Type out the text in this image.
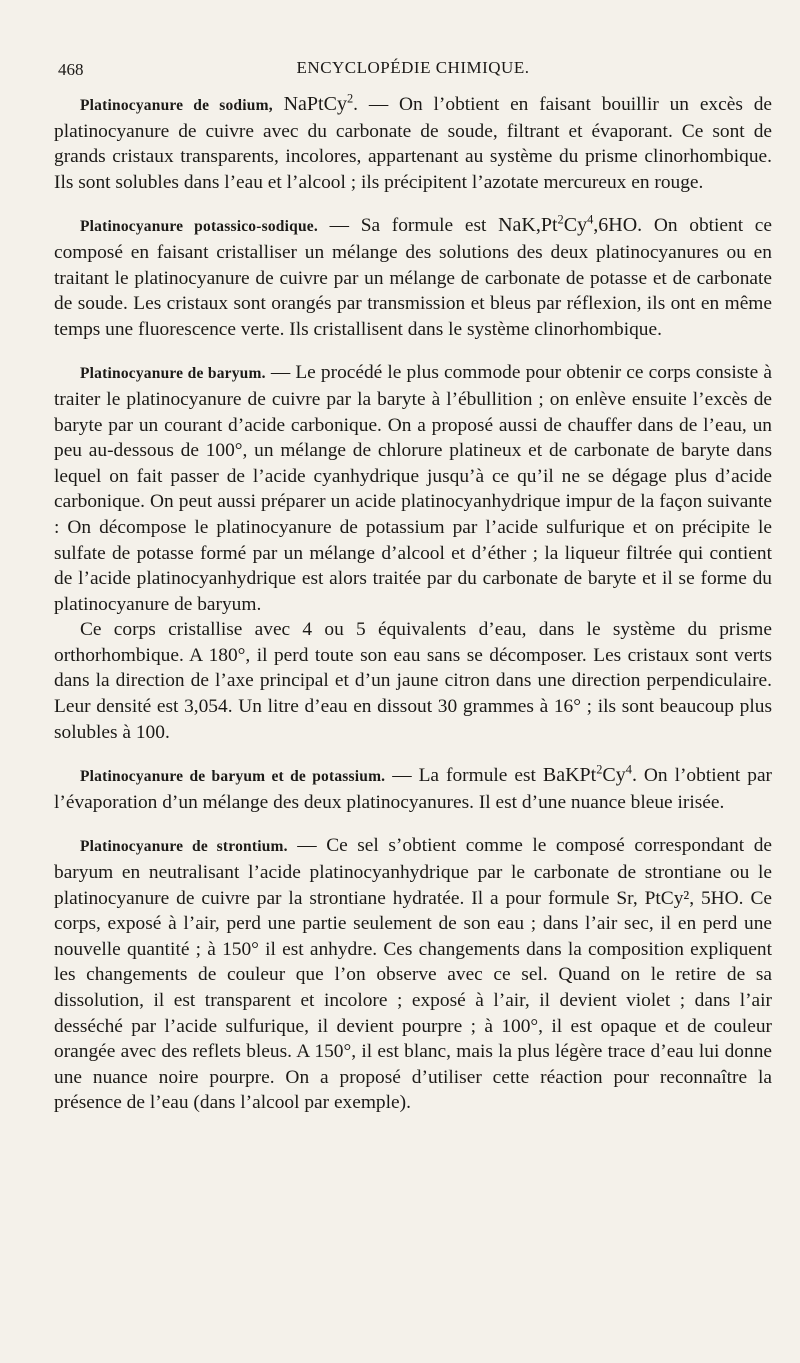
468	ENCYCLOPÉDIE CHIMIQUE.

Platinocyanure de sodium, NaPtCy$^2$. — On l’obtient en faisant bouillir un excès de platinocyanure de cuivre avec du carbonate de soude, filtrant et évaporant. Ce sont de grands cristaux transparents, incolores, appartenant au système du prisme clinorhombique. Ils sont solubles dans l’eau et l’alcool ; ils précipitent l’azotate mercureux en rouge.

Platinocyanure potassico-sodique. — Sa formule est NaK,Pt$^2$Cy$^4$,6HO. On obtient ce composé en faisant cristalliser un mélange des solutions des deux platinocyanures ou en traitant le platinocyanure de cuivre par un mélange de carbonate de potasse et de carbonate de soude. Les cristaux sont orangés par transmission et bleus par réflexion, ils ont en même temps une fluorescence verte. Ils cristallisent dans le système clinorhombique.

Platinocyanure de baryum. — Le procédé le plus commode pour obtenir ce corps consiste à traiter le platinocyanure de cuivre par la baryte à l’ébullition ; on enlève ensuite l’excès de baryte par un courant d’acide carbonique. On a proposé aussi de chauffer dans de l’eau, un peu au-dessous de 100°, un mélange de chlorure platineux et de carbonate de baryte dans lequel on fait passer de l’acide cyanhydrique jusqu’à ce qu’il ne se dégage plus d’acide carbonique. On peut aussi préparer un acide platinocyanhydrique impur de la façon suivante : On décompose le platinocyanure de potassium par l’acide sulfurique et on précipite le sulfate de potasse formé par un mélange d’alcool et d’éther ; la liqueur filtrée qui contient de l’acide platinocyanhydrique est alors traitée par du carbonate de baryte et il se forme du platinocyanure de baryum.

Ce corps cristallise avec 4 ou 5 équivalents d’eau, dans le système du prisme orthorhombique. A 180°, il perd toute son eau sans se décomposer. Les cristaux sont verts dans la direction de l’axe principal et d’un jaune citron dans une direction perpendiculaire. Leur densité est 3,054. Un litre d’eau en dissout 30 grammes à 16° ; ils sont beaucoup plus solubles à 100.

Platinocyanure de baryum et de potassium. — La formule est BaKPt$^2$Cy$^4$. On l’obtient par l’évaporation d’un mélange des deux platinocyanures. Il est d’une nuance bleue irisée.

Platinocyanure de strontium. — Ce sel s’obtient comme le composé correspondant de baryum en neutralisant l’acide platinocyanhydrique par le carbonate de strontiane ou le platinocyanure de cuivre par la strontiane hydratée. Il a pour formule Sr, PtCy², 5HO. Ce corps, exposé à l’air, perd une partie seulement de son eau ; dans l’air sec, il en perd une nouvelle quantité ; à 150° il est anhydre. Ces changements dans la composition expliquent les changements de couleur que l’on observe avec ce sel. Quand on le retire de sa dissolution, il est transparent et incolore ; exposé à l’air, il devient violet ; dans l’air desséché par l’acide sulfurique, il devient pourpre ; à 100°, il est opaque et de couleur orangée avec des reflets bleus. A 150°, il est blanc, mais la plus légère trace d’eau lui donne une nuance noire pourpre. On a proposé d’utiliser cette réaction pour reconnaître la présence de l’eau (dans l’alcool par exemple).
